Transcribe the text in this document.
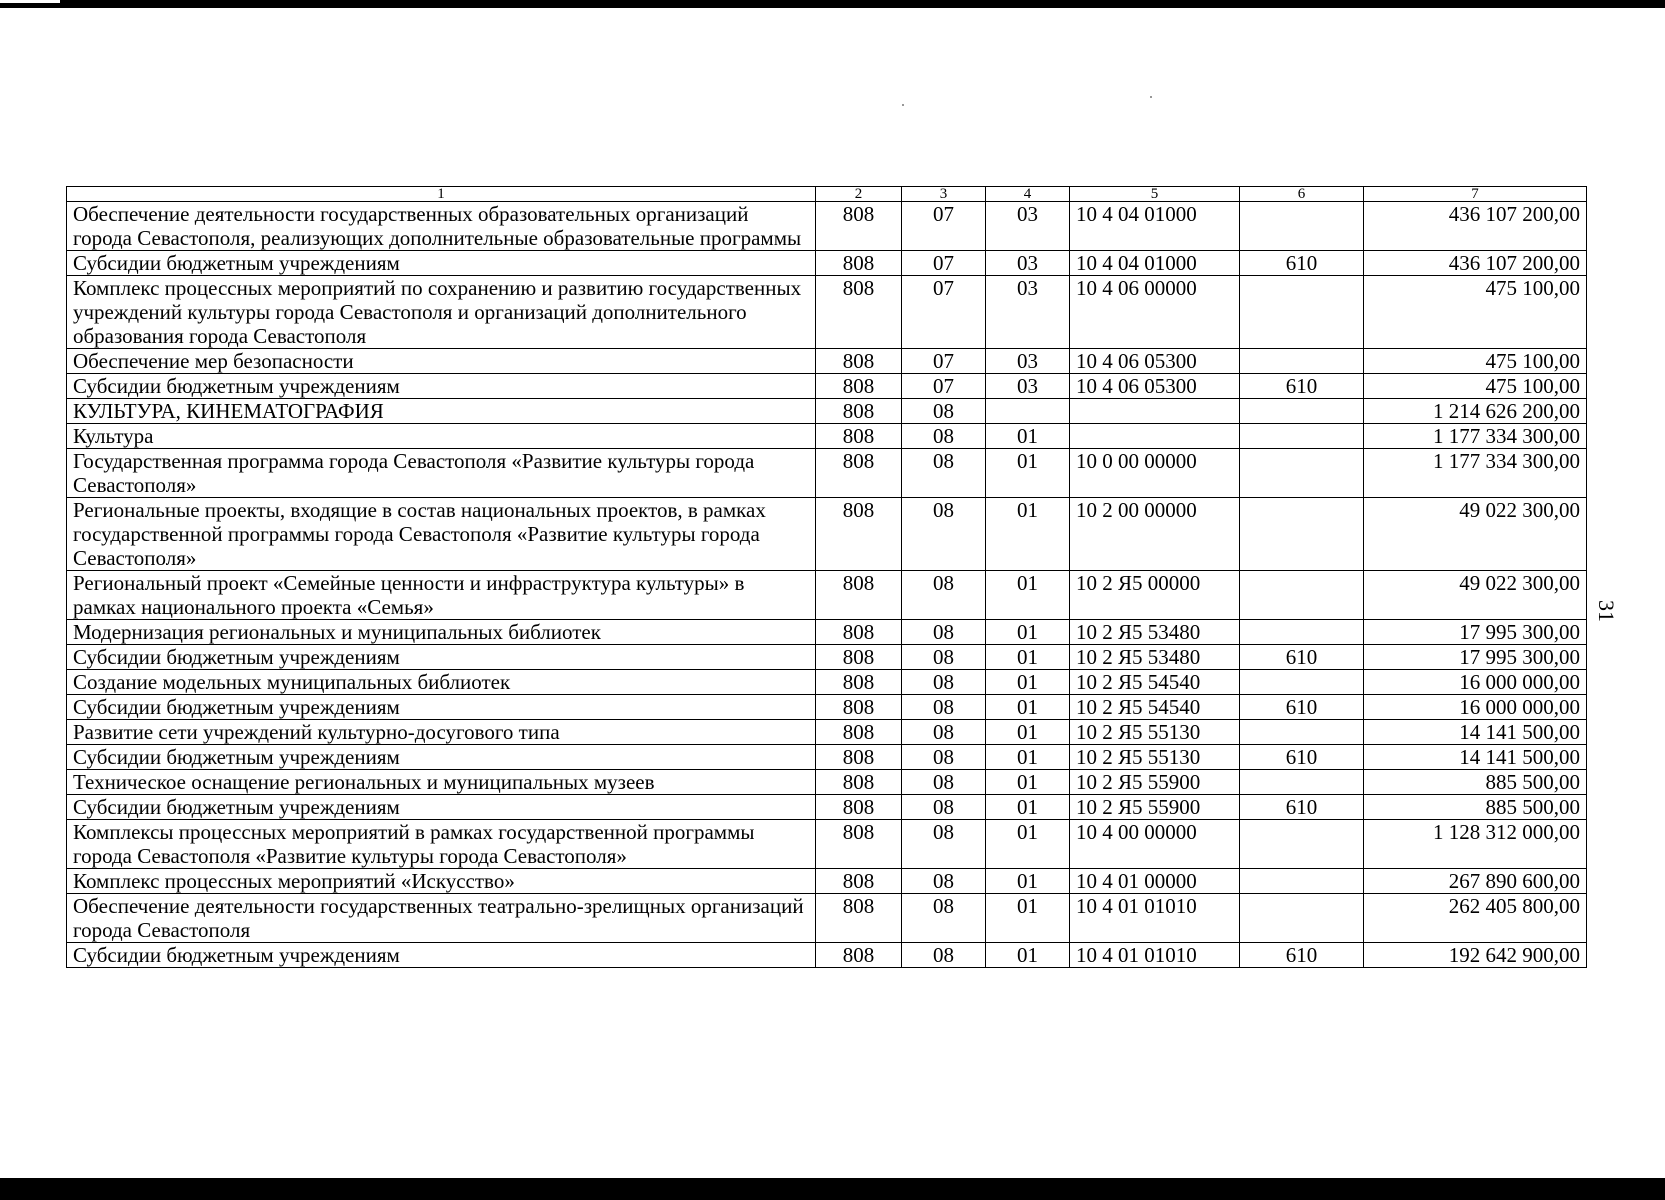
31
1	2	3	4	5	6	7
Обеспечение деятельности государственных образовательных организаций города Севастополя, реализующих дополнительные образовательные программы	808	07	03	10 4 04 01000		436 107 200,00
Субсидии бюджетным учреждениям	808	07	03	10 4 04 01000	610	436 107 200,00
Комплекс процессных мероприятий по сохранению и развитию государственных учреждений культуры города Севастополя и организаций дополнительного образования города Севастополя	808	07	03	10 4 06 00000		475 100,00
Обеспечение мер безопасности	808	07	03	10 4 06 05300		475 100,00
Субсидии бюджетным учреждениям	808	07	03	10 4 06 05300	610	475 100,00
КУЛЬТУРА, КИНЕМАТОГРАФИЯ	808	08				1 214 626 200,00
Культура	808	08	01			1 177 334 300,00
Государственная программа города Севастополя «Развитие культуры города Севастополя»	808	08	01	10 0 00 00000		1 177 334 300,00
Региональные проекты, входящие в состав национальных проектов, в рамках государственной программы города Севастополя «Развитие культуры города Севастополя»	808	08	01	10 2 00 00000		49 022 300,00
Региональный проект «Семейные ценности и инфраструктура культуры» в рамках национального проекта «Семья»	808	08	01	10 2 Я5 00000		49 022 300,00
Модернизация региональных и муниципальных библиотек	808	08	01	10 2 Я5 53480		17 995 300,00
Субсидии бюджетным учреждениям	808	08	01	10 2 Я5 53480	610	17 995 300,00
Создание модельных муниципальных библиотек	808	08	01	10 2 Я5 54540		16 000 000,00
Субсидии бюджетным учреждениям	808	08	01	10 2 Я5 54540	610	16 000 000,00
Развитие сети учреждений культурно-досугового типа	808	08	01	10 2 Я5 55130		14 141 500,00
Субсидии бюджетным учреждениям	808	08	01	10 2 Я5 55130	610	14 141 500,00
Техническое оснащение региональных и муниципальных музеев	808	08	01	10 2 Я5 55900		885 500,00
Субсидии бюджетным учреждениям	808	08	01	10 2 Я5 55900	610	885 500,00
Комплексы процессных мероприятий в рамках государственной программы города Севастополя «Развитие культуры города Севастополя»	808	08	01	10 4 00 00000		1 128 312 000,00
Комплекс процессных мероприятий «Искусство»	808	08	01	10 4 01 00000		267 890 600,00
Обеспечение деятельности государственных театрально-зрелищных организаций города Севастополя	808	08	01	10 4 01 01010		262 405 800,00
Субсидии бюджетным учреждениям	808	08	01	10 4 01 01010	610	192 642 900,00
